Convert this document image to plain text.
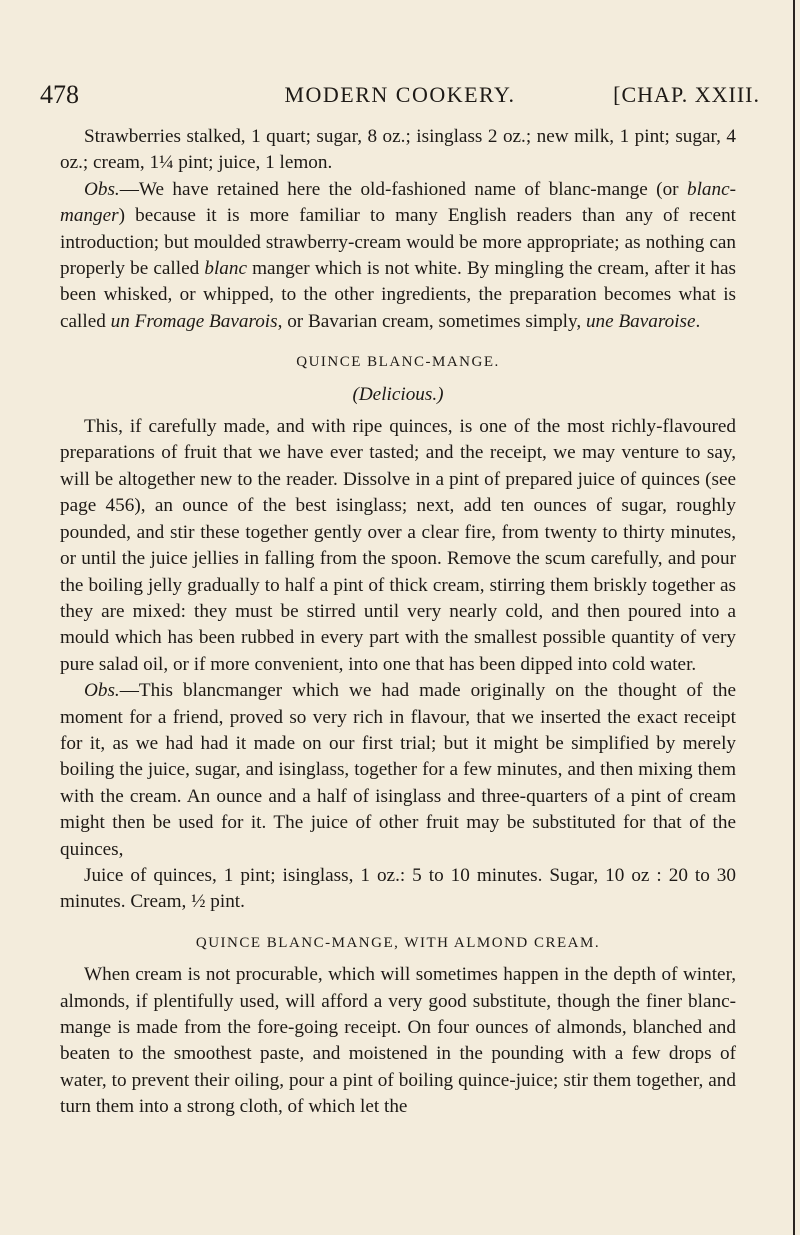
478	MODERN COOKERY.	[CHAP. XXIII.

Strawberries stalked, 1 quart; sugar, 8 oz.; isinglass 2 oz.; new milk, 1 pint; sugar, 4 oz.; cream, 1¼ pint; juice, 1 lemon.

Obs.—We have retained here the old-fashioned name of blanc-mange (or blanc-manger) because it is more familiar to many English readers than any of recent introduction; but moulded strawberry-cream would be more appropriate; as nothing can properly be called blanc manger which is not white. By mingling the cream, after it has been whisked, or whipped, to the other ingredients, the preparation becomes what is called un Fromage Bavarois, or Bavarian cream, sometimes simply, une Bavaroise.

QUINCE BLANC-MANGE.

(Delicious.)

This, if carefully made, and with ripe quinces, is one of the most richly-flavoured preparations of fruit that we have ever tasted; and the receipt, we may venture to say, will be altogether new to the reader. Dissolve in a pint of prepared juice of quinces (see page 456), an ounce of the best isinglass; next, add ten ounces of sugar, roughly pounded, and stir these together gently over a clear fire, from twenty to thirty minutes, or until the juice jellies in falling from the spoon. Remove the scum carefully, and pour the boiling jelly gradually to half a pint of thick cream, stirring them briskly together as they are mixed: they must be stirred until very nearly cold, and then poured into a mould which has been rubbed in every part with the smallest possible quantity of very pure salad oil, or if more convenient, into one that has been dipped into cold water.

Obs.—This blancmanger which we had made originally on the thought of the moment for a friend, proved so very rich in flavour, that we inserted the exact receipt for it, as we had had it made on our first trial; but it might be simplified by merely boiling the juice, sugar, and isinglass, together for a few minutes, and then mixing them with the cream. An ounce and a half of isinglass and three-quarters of a pint of cream might then be used for it. The juice of other fruit may be substituted for that of the quinces,

Juice of quinces, 1 pint; isinglass, 1 oz.: 5 to 10 minutes. Sugar, 10 oz : 20 to 30 minutes. Cream, ½ pint.

QUINCE BLANC-MANGE, WITH ALMOND CREAM.

When cream is not procurable, which will sometimes happen in the depth of winter, almonds, if plentifully used, will afford a very good substitute, though the finer blanc-mange is made from the fore-going receipt. On four ounces of almonds, blanched and beaten to the smoothest paste, and moistened in the pounding with a few drops of water, to prevent their oiling, pour a pint of boiling quince-juice; stir them together, and turn them into a strong cloth, of which let the
